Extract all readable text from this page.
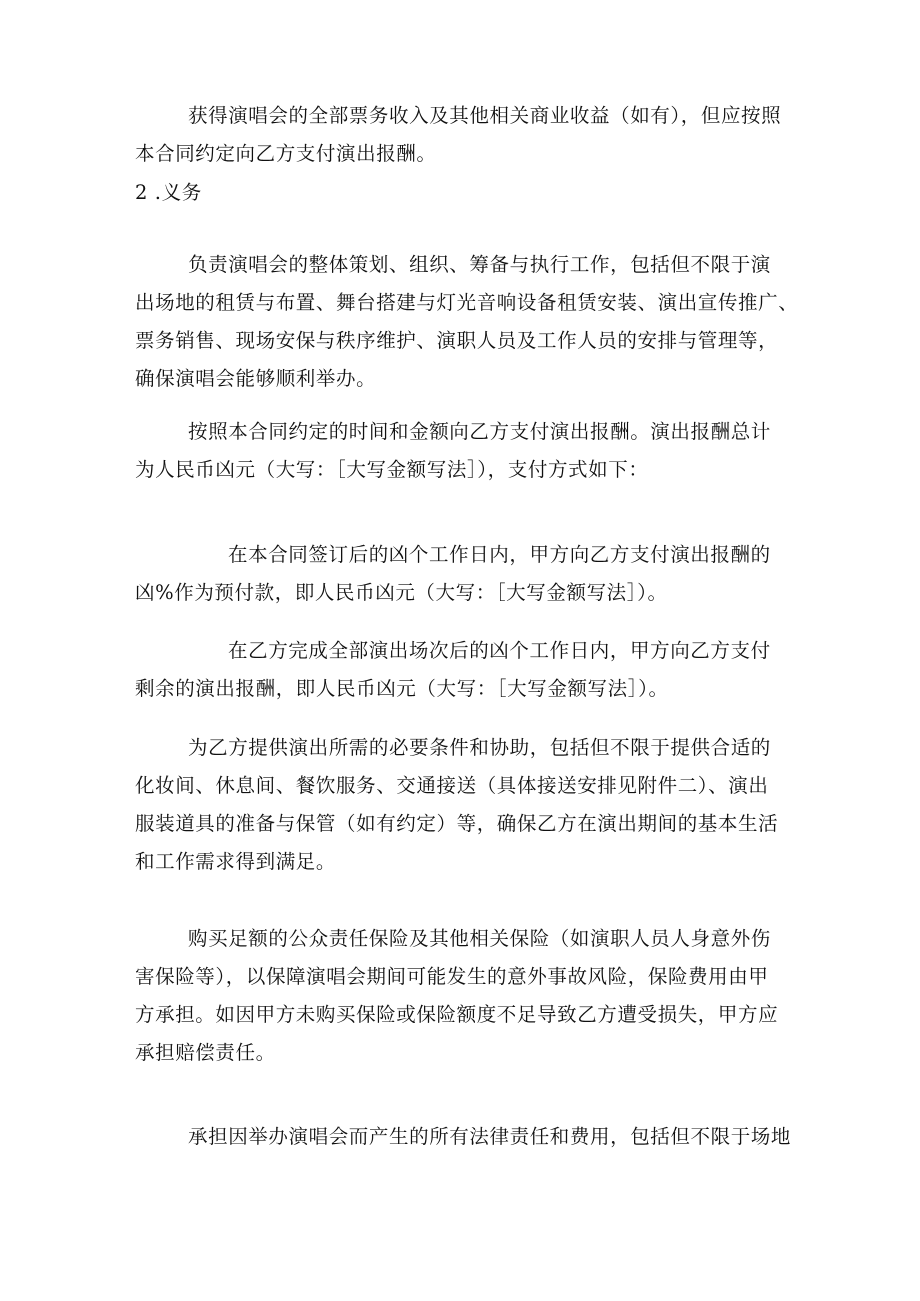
获得演唱会的全部票务收入及其他相关商业收益（如有），但应按照
本合同约定向乙方支付演出报酬。

2 .义务

负责演唱会的整体策划、组织、筹备与执行工作，包括但不限于演
出场地的租赁与布置、舞台搭建与灯光音响设备租赁安装、演出宣传推广、
票务销售、现场安保与秩序维护、演职人员及工作人员的安排与管理等，
确保演唱会能够顺利举办。

按照本合同约定的时间和金额向乙方支付演出报酬。演出报酬总计
为人民币凶元（大写：［大写金额写法］），支付方式如下：

在本合同签订后的凶个工作日内，甲方向乙方支付演出报酬的
凶%作为预付款，即人民币凶元（大写：［大写金额写法］）。

在乙方完成全部演出场次后的凶个工作日内，甲方向乙方支付
剩余的演出报酬，即人民币凶元（大写：［大写金额写法］）。

为乙方提供演出所需的必要条件和协助，包括但不限于提供合适的
化妆间、休息间、餐饮服务、交通接送（具体接送安排见附件二）、演出
服装道具的准备与保管（如有约定）等，确保乙方在演出期间的基本生活
和工作需求得到满足。

购买足额的公众责任保险及其他相关保险（如演职人员人身意外伤
害保险等），以保障演唱会期间可能发生的意外事故风险，保险费用由甲
方承担。如因甲方未购买保险或保险额度不足导致乙方遭受损失，甲方应
承担赔偿责任。

承担因举办演唱会而产生的所有法律责任和费用，包括但不限于场地
